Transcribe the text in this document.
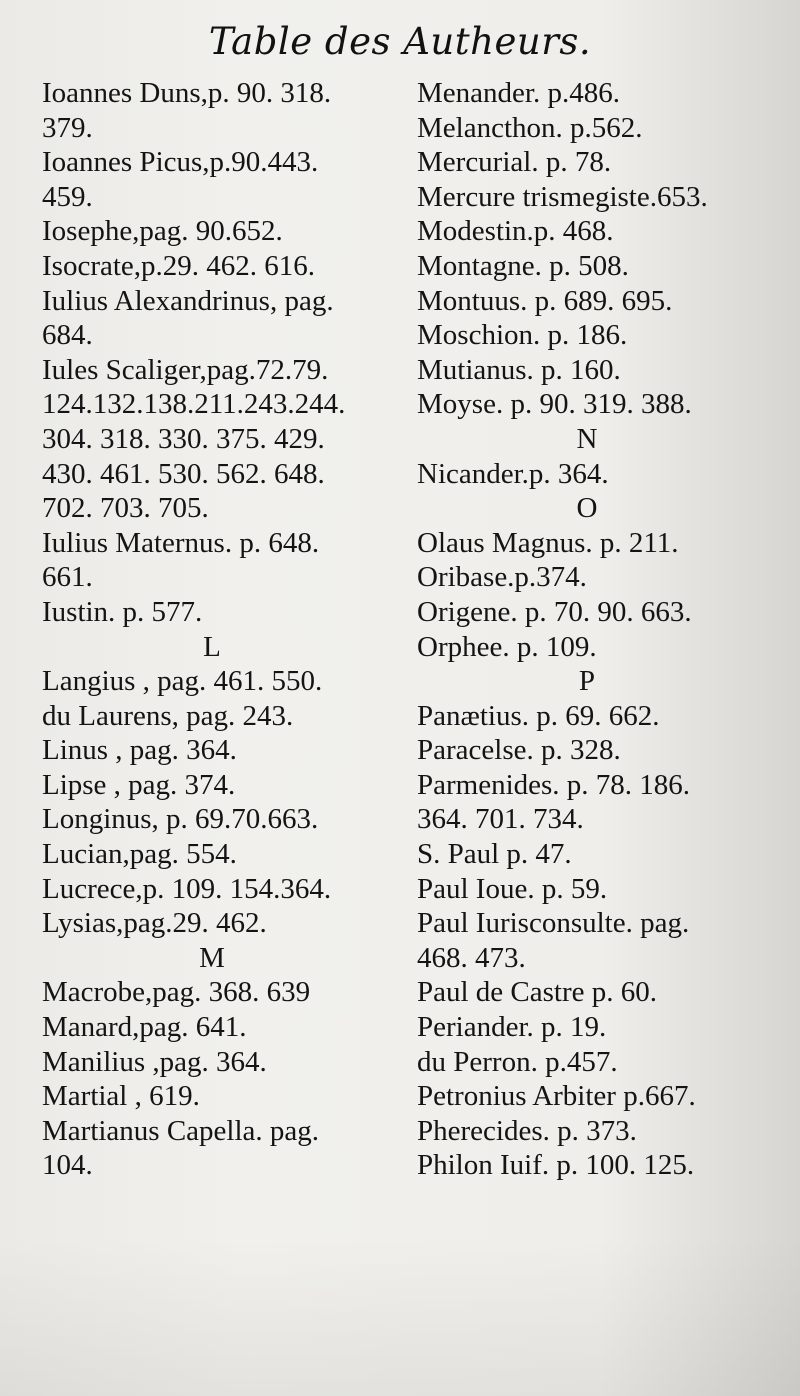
Table des Autheurs.
Ioannes Duns,p. 90. 318.
379.
Ioannes Picus,p.90.443.
459.
Iosephe,pag. 90.652.
Isocrate,p.29. 462. 616.
Iulius Alexandrinus, pag.
684.
Iules Scaliger,pag.72.79.
124.132.138.211.243.244.
304. 318. 330. 375. 429.
430. 461. 530. 562. 648.
702. 703. 705.
Iulius Maternus. p. 648.
661.
Iustin. p. 577.
L
Langius , pag. 461. 550.
du Laurens, pag. 243.
Linus , pag. 364.
Lipse , pag. 374.
Longinus, p. 69.70.663.
Lucian,pag. 554.
Lucrece,p. 109. 154.364.
Lysias,pag.29. 462.
M
Macrobe,pag. 368. 639
Manard,pag. 641.
Manilius ,pag. 364.
Martial , 619.
Martianus Capella. pag.
104.
Menander. p.486.
Melancthon. p.562.
Mercurial. p. 78.
Mercure trismegiste.653.
Modestin.p. 468.
Montagne. p. 508.
Montuus. p. 689. 695.
Moschion. p. 186.
Mutianus. p. 160.
Moyse. p. 90. 319. 388.
N
Nicander.p. 364.
O
Olaus Magnus. p. 211.
Oribase.p.374.
Origene. p. 70. 90. 663.
Orphee. p. 109.
P
Panætius. p. 69. 662.
Paracelse. p. 328.
Parmenides. p. 78. 186.
364. 701. 734.
S. Paul p. 47.
Paul Ioue. p. 59.
Paul Iurisconsulte. pag.
468. 473.
Paul de Castre p. 60.
Periander. p. 19.
du Perron. p.457.
Petronius Arbiter p.667.
Pherecides. p. 373.
Philon Iuif. p. 100. 125.
